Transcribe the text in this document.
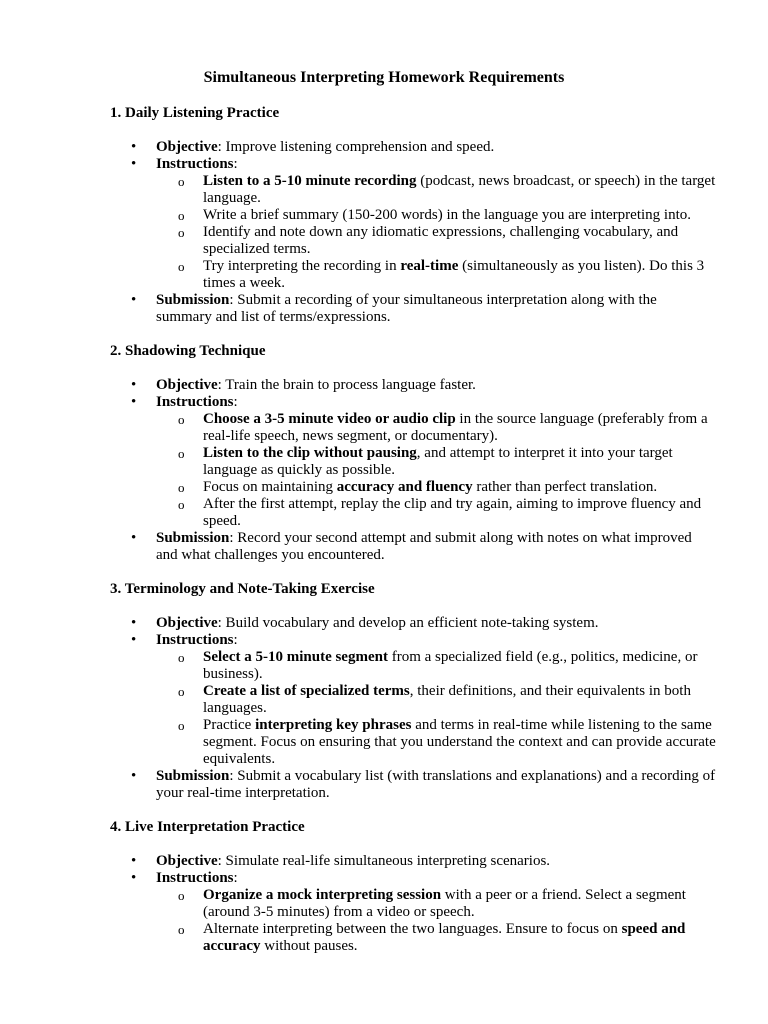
Simultaneous Interpreting Homework Requirements
1. Daily Listening Practice
• Objective: Improve listening comprehension and speed.
• Instructions:
o Listen to a 5-10 minute recording (podcast, news broadcast, or speech) in the target language.
o Write a brief summary (150-200 words) in the language you are interpreting into.
o Identify and note down any idiomatic expressions, challenging vocabulary, and specialized terms.
o Try interpreting the recording in real-time (simultaneously as you listen). Do this 3 times a week.
• Submission: Submit a recording of your simultaneous interpretation along with the summary and list of terms/expressions.
2. Shadowing Technique
• Objective: Train the brain to process language faster.
• Instructions:
o Choose a 3-5 minute video or audio clip in the source language (preferably from a real-life speech, news segment, or documentary).
o Listen to the clip without pausing, and attempt to interpret it into your target language as quickly as possible.
o Focus on maintaining accuracy and fluency rather than perfect translation.
o After the first attempt, replay the clip and try again, aiming to improve fluency and speed.
• Submission: Record your second attempt and submit along with notes on what improved and what challenges you encountered.
3. Terminology and Note-Taking Exercise
• Objective: Build vocabulary and develop an efficient note-taking system.
• Instructions:
o Select a 5-10 minute segment from a specialized field (e.g., politics, medicine, or business).
o Create a list of specialized terms, their definitions, and their equivalents in both languages.
o Practice interpreting key phrases and terms in real-time while listening to the same segment. Focus on ensuring that you understand the context and can provide accurate equivalents.
• Submission: Submit a vocabulary list (with translations and explanations) and a recording of your real-time interpretation.
4. Live Interpretation Practice
• Objective: Simulate real-life simultaneous interpreting scenarios.
• Instructions:
o Organize a mock interpreting session with a peer or a friend. Select a segment (around 3-5 minutes) from a video or speech.
o Alternate interpreting between the two languages. Ensure to focus on speed and accuracy without pauses.
